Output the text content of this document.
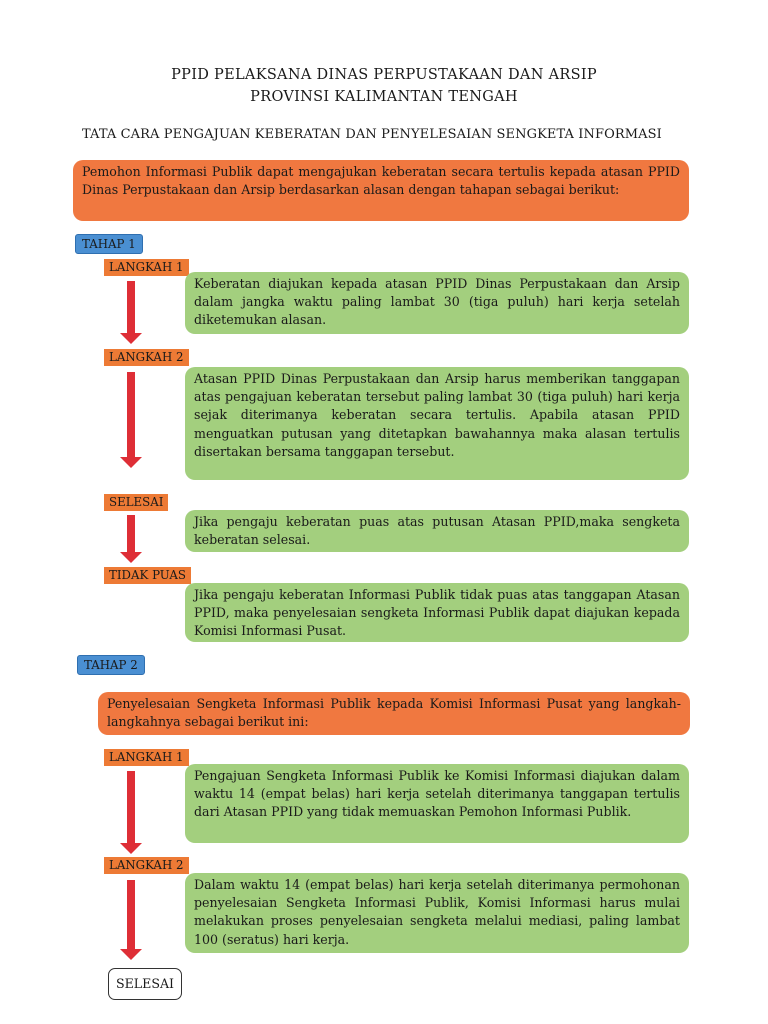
PPID PELAKSANA DINAS PERPUSTAKAAN DAN ARSIP
PROVINSI KALIMANTAN TENGAH
TATA CARA PENGAJUAN KEBERATAN DAN PENYELESAIAN SENGKETA INFORMASI
Pemohon Informasi Publik dapat mengajukan keberatan secara tertulis kepada atasan PPID Dinas Perpustakaan dan Arsip berdasarkan alasan dengan tahapan sebagai berikut:
TAHAP 1
LANGKAH 1
Keberatan diajukan kepada atasan PPID Dinas Perpustakaan dan Arsip dalam jangka waktu paling lambat 30 (tiga puluh) hari kerja setelah diketemukan alasan.
LANGKAH 2
Atasan PPID Dinas Perpustakaan dan Arsip harus memberikan tanggapan atas pengajuan keberatan tersebut paling lambat 30 (tiga puluh) hari kerja sejak diterimanya keberatan secara tertulis. Apabila atasan PPID menguatkan putusan yang ditetapkan bawahannya maka alasan tertulis disertakan bersama tanggapan tersebut.
SELESAI
Jika pengaju keberatan puas atas putusan Atasan PPID,maka sengketa keberatan selesai.
TIDAK PUAS
Jika pengaju keberatan Informasi Publik tidak puas atas tanggapan Atasan PPID, maka penyelesaian sengketa Informasi Publik dapat diajukan kepada Komisi Informasi Pusat.
TAHAP 2
Penyelesaian Sengketa Informasi Publik kepada Komisi Informasi Pusat yang langkah-langkahnya sebagai berikut ini:
LANGKAH 1
Pengajuan Sengketa Informasi Publik ke Komisi Informasi diajukan dalam waktu 14 (empat belas) hari kerja setelah diterimanya tanggapan tertulis dari Atasan PPID yang tidak memuaskan Pemohon Informasi Publik.
LANGKAH 2
Dalam waktu 14 (empat belas) hari kerja setelah diterimanya permohonan penyelesaian Sengketa Informasi Publik, Komisi Informasi harus mulai melakukan proses penyelesaian sengketa melalui mediasi, paling lambat 100 (seratus) hari kerja.
SELESAI
